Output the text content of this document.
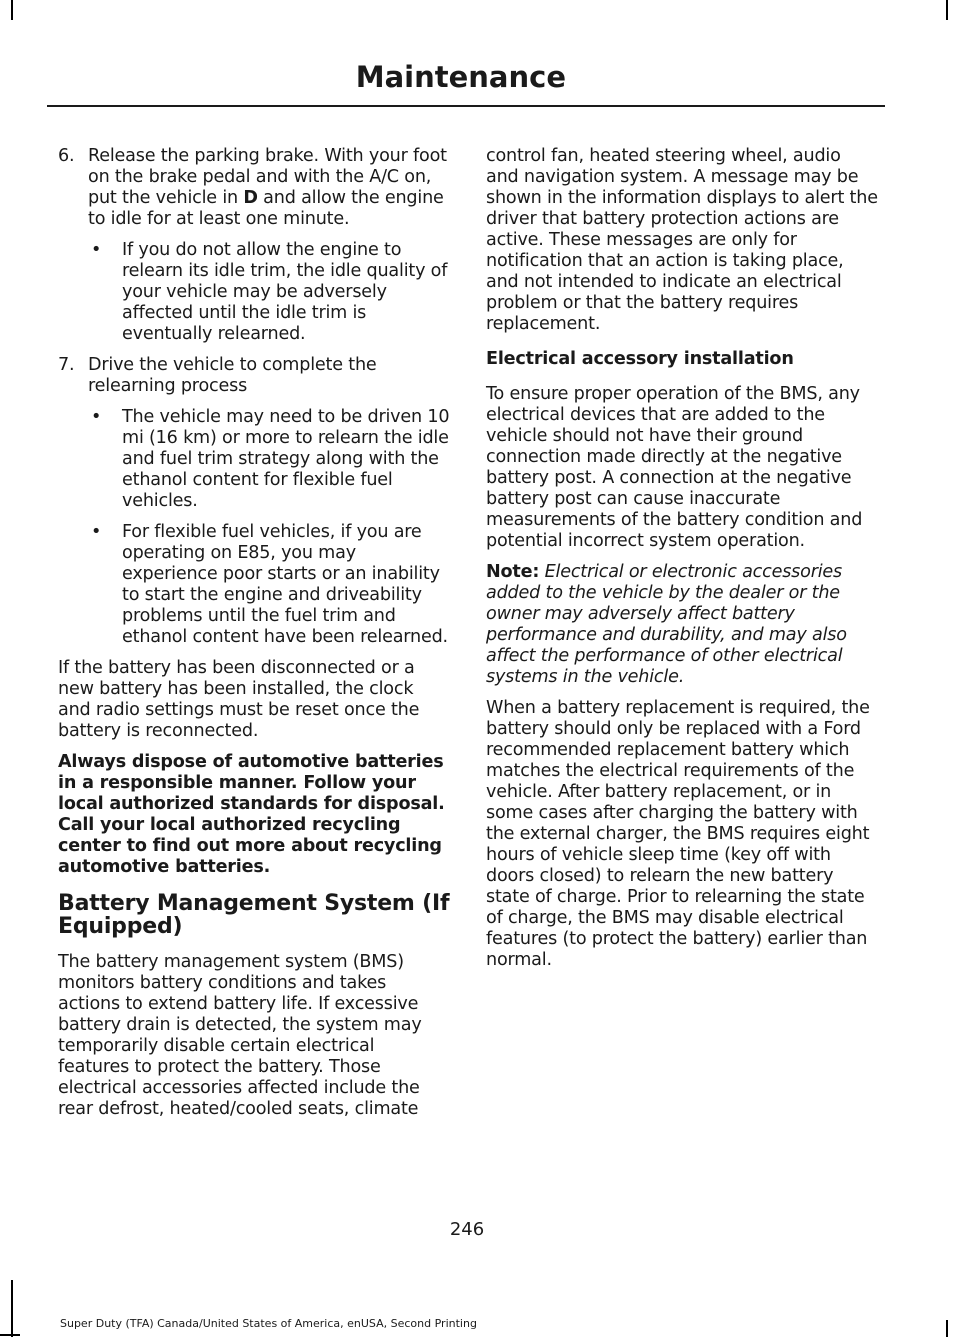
Maintenance
6. Release the parking brake. With your foot on the brake pedal and with the A/C on, put the vehicle in D and allow the engine to idle for at least one minute.
•	If you do not allow the engine to relearn its idle trim, the idle quality of your vehicle may be adversely affected until the idle trim is eventually relearned.
7. Drive the vehicle to complete the relearning process
•	The vehicle may need to be driven 10 mi (16 km) or more to relearn the idle and fuel trim strategy along with the ethanol content for flexible fuel vehicles.
•	For flexible fuel vehicles, if you are operating on E85, you may experience poor starts or an inability to start the engine and driveability problems until the fuel trim and ethanol content have been relearned.

If the battery has been disconnected or a new battery has been installed, the clock and radio settings must be reset once the battery is reconnected.

Always dispose of automotive batteries in a responsible manner. Follow your local authorized standards for disposal. Call your local authorized recycling center to find out more about recycling automotive batteries.

Battery Management System (If Equipped)

The battery management system (BMS) monitors battery conditions and takes actions to extend battery life. If excessive battery drain is detected, the system may temporarily disable certain electrical features to protect the battery. Those electrical accessories affected include the rear defrost, heated/cooled seats, climate

control fan, heated steering wheel, audio and navigation system. A message may be shown in the information displays to alert the driver that battery protection actions are active. These messages are only for notification that an action is taking place, and not intended to indicate an electrical problem or that the battery requires replacement.

Electrical accessory installation

To ensure proper operation of the BMS, any electrical devices that are added to the vehicle should not have their ground connection made directly at the negative battery post. A connection at the negative battery post can cause inaccurate measurements of the battery condition and potential incorrect system operation.

Note: Electrical or electronic accessories added to the vehicle by the dealer or the owner may adversely affect battery performance and durability, and may also affect the performance of other electrical systems in the vehicle.

When a battery replacement is required, the battery should only be replaced with a Ford recommended replacement battery which matches the electrical requirements of the vehicle. After battery replacement, or in some cases after charging the battery with the external charger, the BMS requires eight hours of vehicle sleep time (key off with doors closed) to relearn the new battery state of charge. Prior to relearning the state of charge, the BMS may disable electrical features (to protect the battery) earlier than normal.

246
Super Duty (TFA) Canada/United States of America, enUSA, Second Printing
